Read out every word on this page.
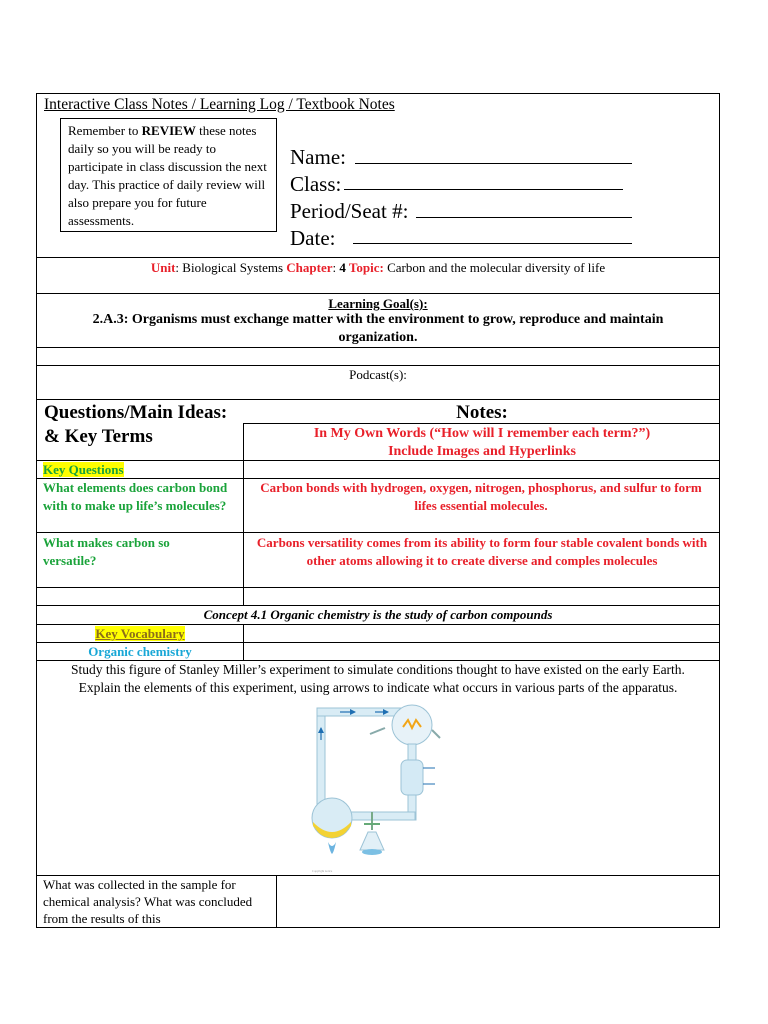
Interactive Class Notes / Learning Log / Textbook Notes
Remember to REVIEW these notes daily so you will be ready to participate in class discussion the next day. This practice of daily review will also prepare you for future assessments.
Name:
Class:
Period/Seat #:
Date:
Unit: Biological Systems Chapter: 4 Topic: Carbon and the molecular diversity of life
Learning Goal(s):
2.A.3: Organisms must exchange matter with the environment to grow, reproduce and maintain organization.
Podcast(s):
Questions/Main Ideas:	Notes:
& Key Terms	In My Own Words (“How will I remember each term?”)
Include Images and Hyperlinks
Key Questions
What elements does carbon bond with to make up life’s molecules?
Carbon bonds with hydrogen, oxygen, nitrogen, phosphorus, and sulfur to form lifes essential molecules.
What makes carbon so versatile?
Carbons versatility comes from its ability to form four stable covalent bonds with other atoms allowing it to create diverse and comples molecules
Concept 4.1 Organic chemistry is the study of carbon compounds
Key Vocabulary
Organic chemistry
Study this figure of Stanley Miller’s experiment to simulate conditions thought to have existed on the early Earth.
Explain the elements of this experiment, using arrows to indicate what occurs in various parts of the apparatus.
Copyright notice
What was collected in the sample for chemical analysis? What was concluded from the results of this
